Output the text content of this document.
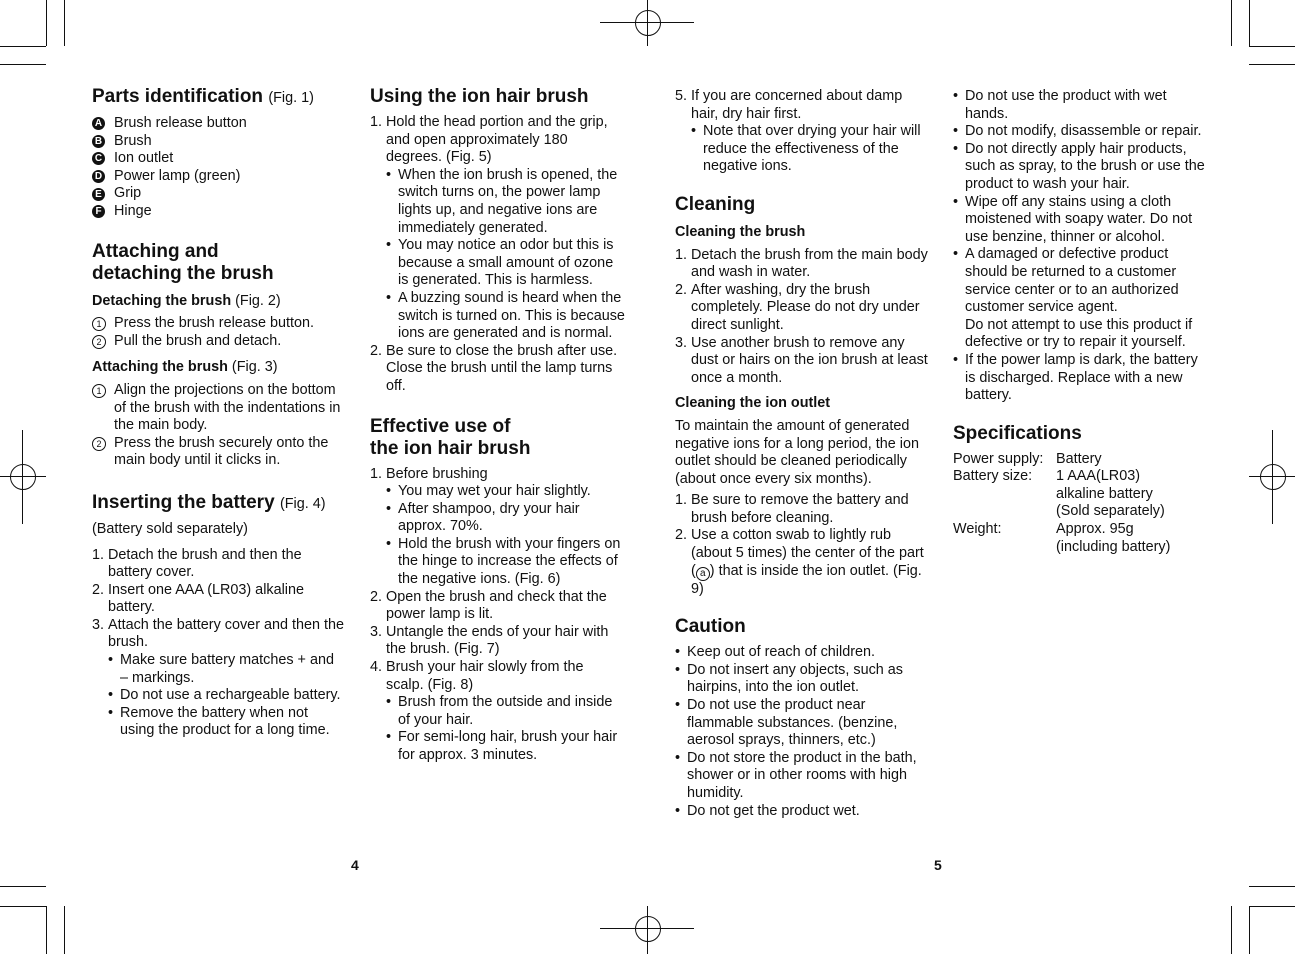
Parts identification (Fig. 1)
A Brush release button
B Brush
C Ion outlet
D Power lamp (green)
E Grip
F Hinge
Attaching and
detaching the brush
Detaching the brush (Fig. 2)
1 Press the brush release button.
2 Pull the brush and detach.
Attaching the brush (Fig. 3)
1 Align the projections on the bottom of the brush with the indentations in the main body.
2 Press the brush securely onto the main body until it clicks in.
Inserting the battery (Fig. 4)
(Battery sold separately)
1. Detach the brush and then the battery cover.
2. Insert one AAA (LR03) alkaline battery.
3. Attach the battery cover and then the brush.
• Make sure battery matches + and – markings.
• Do not use a rechargeable battery.
• Remove the battery when not using the product for a long time.
Using the ion hair brush
1. Hold the head portion and the grip, and open approximately 180 degrees. (Fig. 5)
• When the ion brush is opened, the switch turns on, the power lamp lights up, and negative ions are immediately generated.
• You may notice an odor but this is because a small amount of ozone is generated. This is harmless.
• A buzzing sound is heard when the switch is turned on. This is because ions are generated and is normal.
2. Be sure to close the brush after use. Close the brush until the lamp turns off.
Effective use of
the ion hair brush
1. Before brushing
• You may wet your hair slightly.
• After shampoo, dry your hair approx. 70%.
• Hold the brush with your fingers on the hinge to increase the effects of the negative ions. (Fig. 6)
2. Open the brush and check that the power lamp is lit.
3. Untangle the ends of your hair with the brush. (Fig. 7)
4. Brush your hair slowly from the scalp. (Fig. 8)
• Brush from the outside and inside of your hair.
• For semi-long hair, brush your hair for approx. 3 minutes.
5. If you are concerned about damp hair, dry hair first.
• Note that over drying your hair will reduce the effectiveness of the negative ions.
Cleaning
Cleaning the brush
1. Detach the brush from the main body and wash in water.
2. After washing, dry the brush completely. Please do not dry under direct sunlight.
3. Use another brush to remove any dust or hairs on the ion brush at least once a month.
Cleaning the ion outlet
To maintain the amount of generated negative ions for a long period, the ion outlet should be cleaned periodically (about once every six months).
1. Be sure to remove the battery and brush before cleaning.
2. Use a cotton swab to lightly rub (about 5 times) the center of the part ( a ) that is inside the ion outlet. (Fig. 9)
Caution
• Keep out of reach of children.
• Do not insert any objects, such as hairpins, into the ion outlet.
• Do not use the product near flammable substances. (benzine, aerosol sprays, thinners, etc.)
• Do not store the product in the bath, shower or in other rooms with high humidity.
• Do not get the product wet.
• Do not use the product with wet hands.
• Do not modify, disassemble or repair.
• Do not directly apply hair products, such as spray, to the brush or use the product to wash your hair.
• Wipe off any stains using a cloth moistened with soapy water. Do not use benzine, thinner or alcohol.
• A damaged or defective product should be returned to a customer service center or to an authorized customer service agent.
Do not attempt to use this product if defective or try to repair it yourself.
• If the power lamp is dark, the battery is discharged. Replace with a new battery.
Specifications
Power supply: Battery
Battery size:	1 AAA(LR03)
alkaline battery
(Sold separately)
Weight:	Approx. 95g
(including battery)
4	5
